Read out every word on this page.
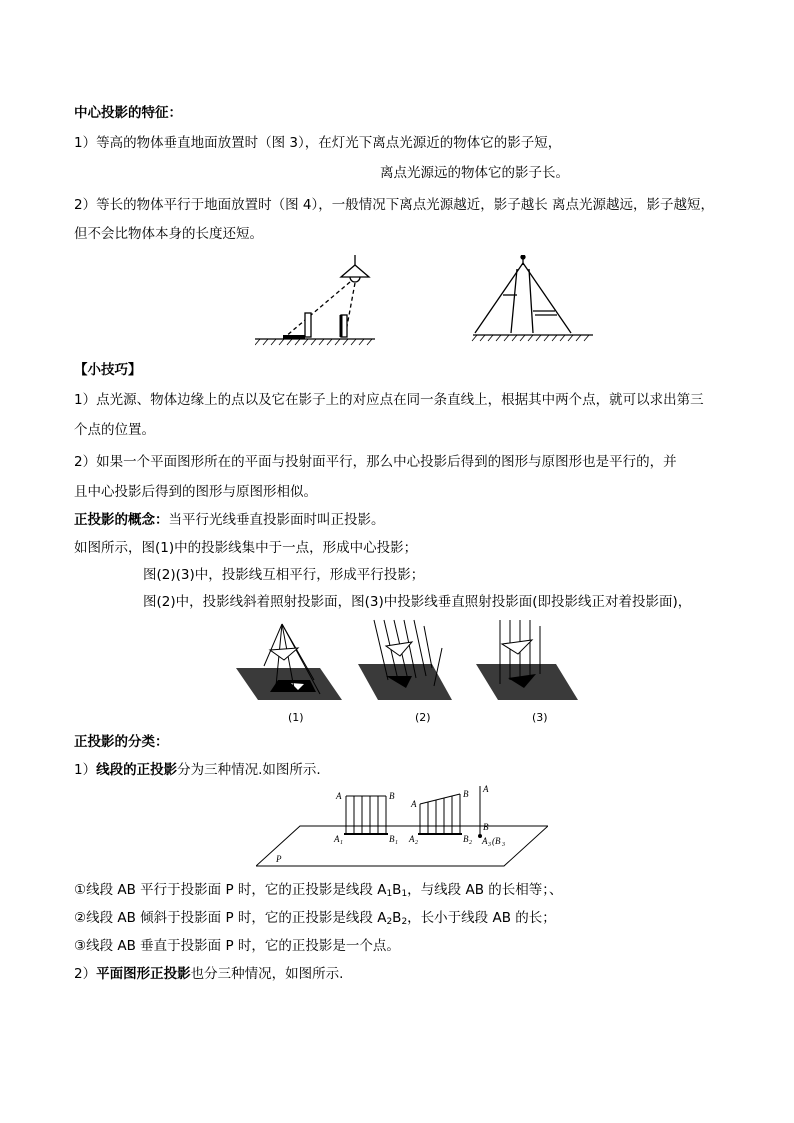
中心投影的特征：
1）等高的物体垂直地面放置时（图 3），在灯光下离点光源近的物体它的影子短，
离点光源远的物体它的影子长。
2）等长的物体平行于地面放置时（图 4），一般情况下离点光源越近，影子越长 离点光源越远，影子越短，
但不会比物体本身的长度还短。
【小技巧】
1）点光源、物体边缘上的点以及它在影子上的对应点在同一条直线上，根据其中两个点，就可以求出第三
个点的位置。
2）如果一个平面图形所在的平面与投射面平行，那么中心投影后得到的图形与原图形也是平行的，并
且中心投影后得到的图形与原图形相似。
正投影的概念：当平行光线垂直投影面时叫正投影。
如图所示，图(1)中的投影线集中于一点，形成中心投影；
图(2)(3)中，投影线互相平行，形成平行投影；
图(2)中，投影线斜着照射投影面，图(3)中投影线垂直照射投影面(即投影线正对着投影面)，
(1)	(2)	(3)
正投影的分类：
1）线段的正投影分为三种情况.如图所示.
A	B
A 1	B 1
A
B
A 2	B 2
A
B
A 3 (B 3
P
①线段 AB 平行于投影面 P 时，它的正投影是线段 $A_1B_1$，与线段 AB 的长相等；、
②线段 AB 倾斜于投影面 P 时，它的正投影是线段 $A_2B_2$，长小于线段 AB 的长；
③线段 AB 垂直于投影面 P 时，它的正投影是一个点。
2）平面图形正投影也分三种情况，如图所示.
